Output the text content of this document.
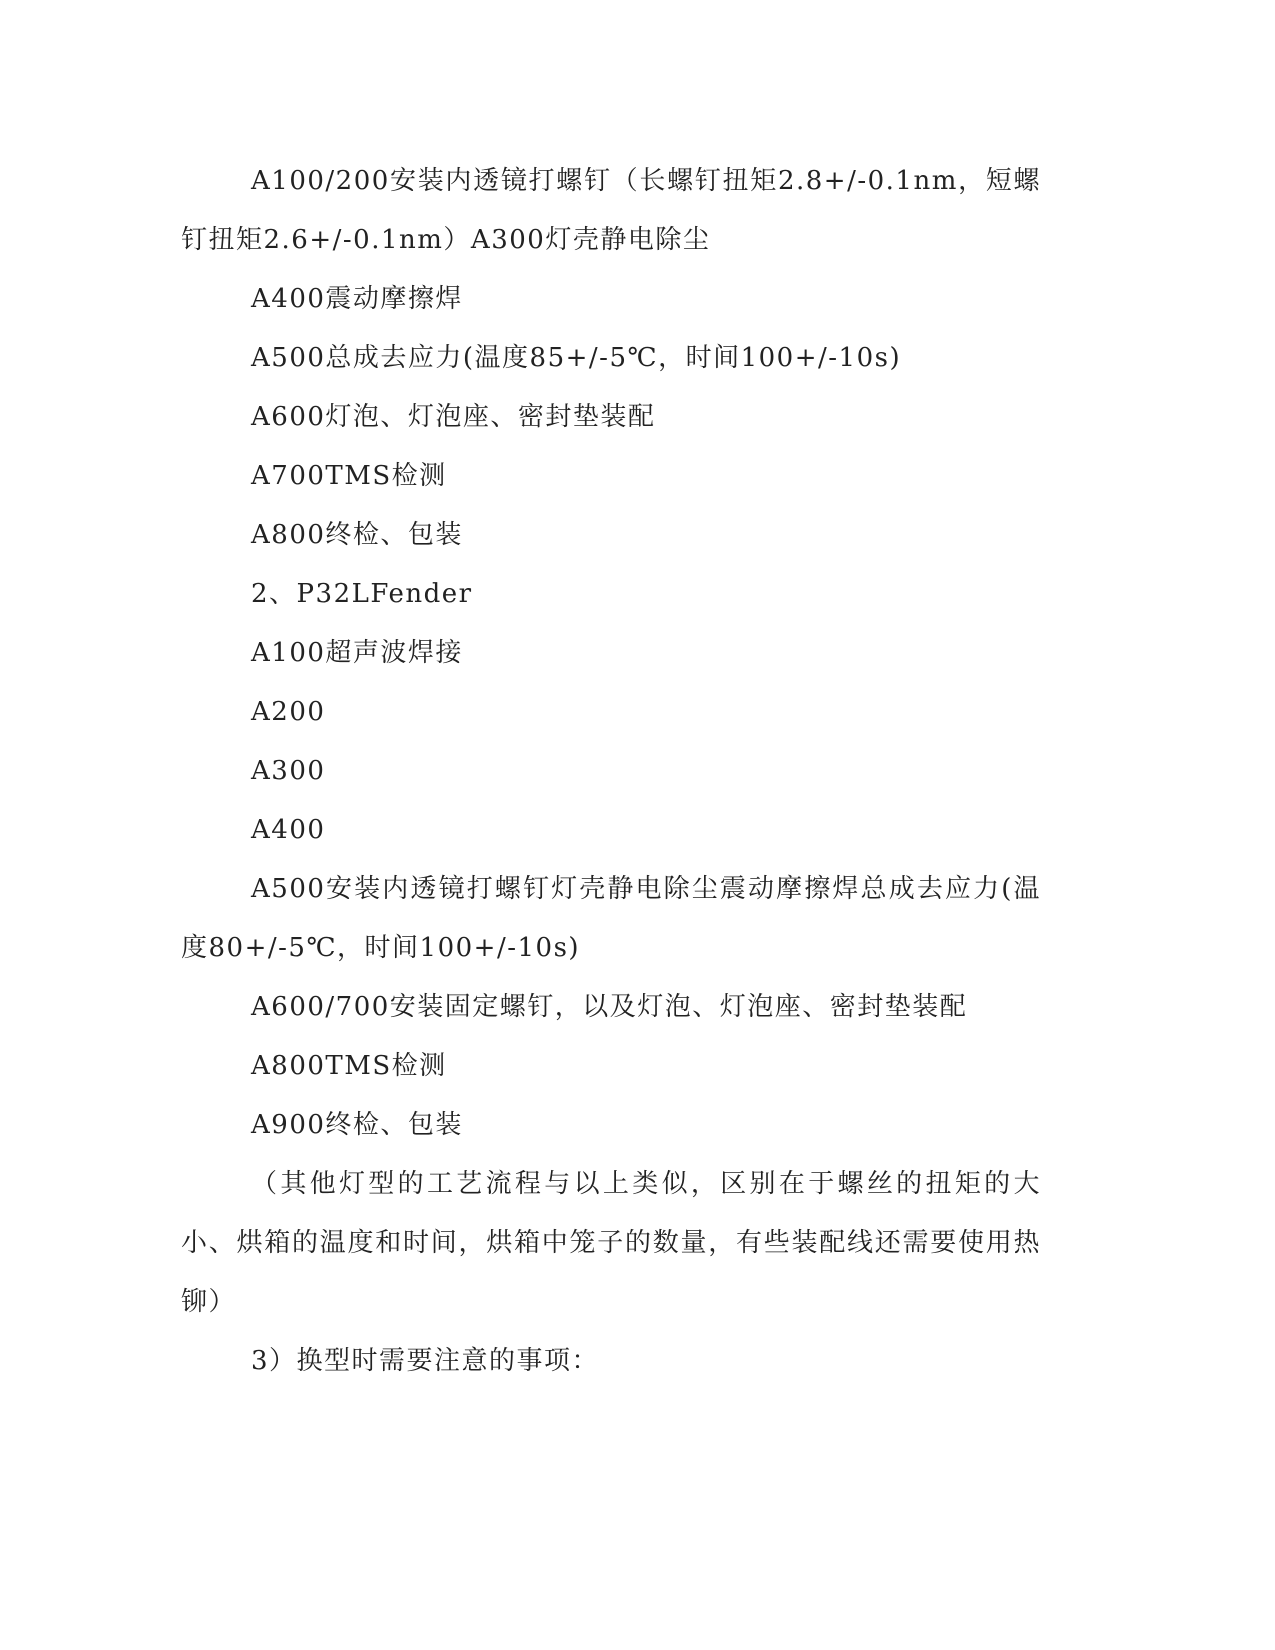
A100/200安装内透镜打螺钉（长螺钉扭矩2.8+/-0.1nm，短螺钉扭矩2.6+/-0.1nm）A300灯壳静电除尘

A400震动摩擦焊

A500总成去应力(温度85+/-5℃，时间100+/-10s)

A600灯泡、灯泡座、密封垫装配

A700TMS检测

A800终检、包装

2、P32LFender

A100超声波焊接

A200

A300

A400

A500安装内透镜打螺钉灯壳静电除尘震动摩擦焊总成去应力(温度80+/-5℃，时间100+/-10s)

A600/700安装固定螺钉，以及灯泡、灯泡座、密封垫装配

A800TMS检测

A900终检、包装

（其他灯型的工艺流程与以上类似，区别在于螺丝的扭矩的大小、烘箱的温度和时间，烘箱中笼子的数量，有些装配线还需要使用热铆）

3）换型时需要注意的事项：
